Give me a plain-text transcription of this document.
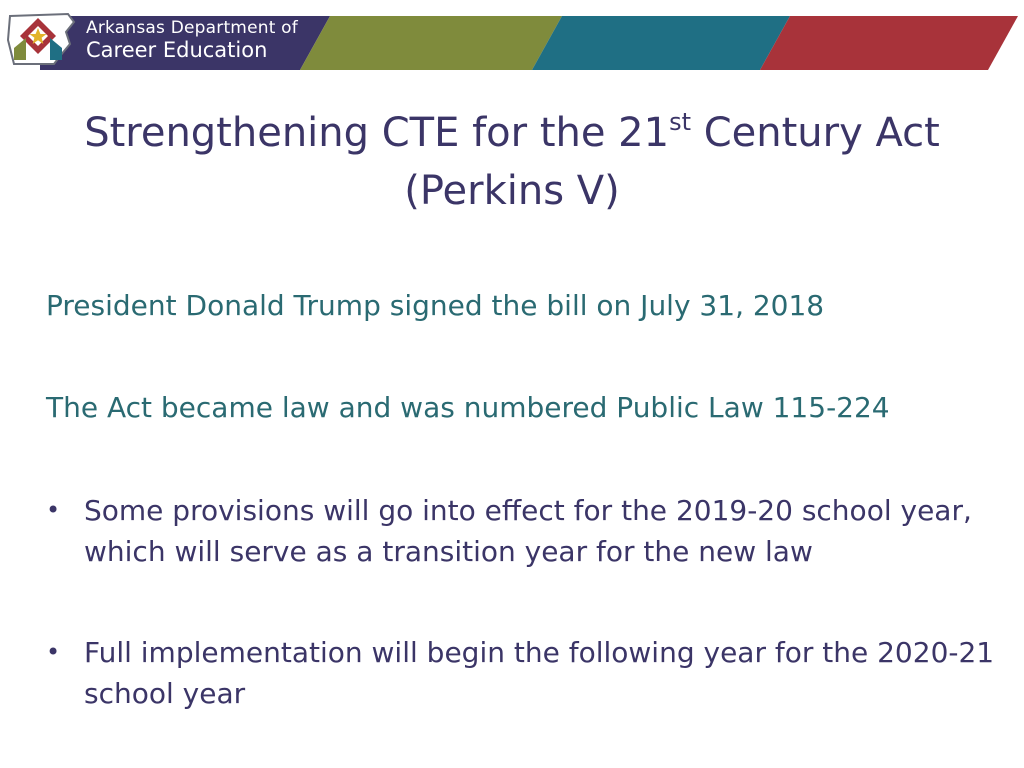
Arkansas Department of
Career Education
Strengthening CTE for the 21st Century Act
(Perkins V)

President Donald Trump signed the bill on July 31, 2018

The Act became law and was numbered Public Law 115-224

• Some provisions will go into effect for the 2019-20 school year, which will serve as a transition year for the new law
• Full implementation will begin the following year for the 2020-21 school year
